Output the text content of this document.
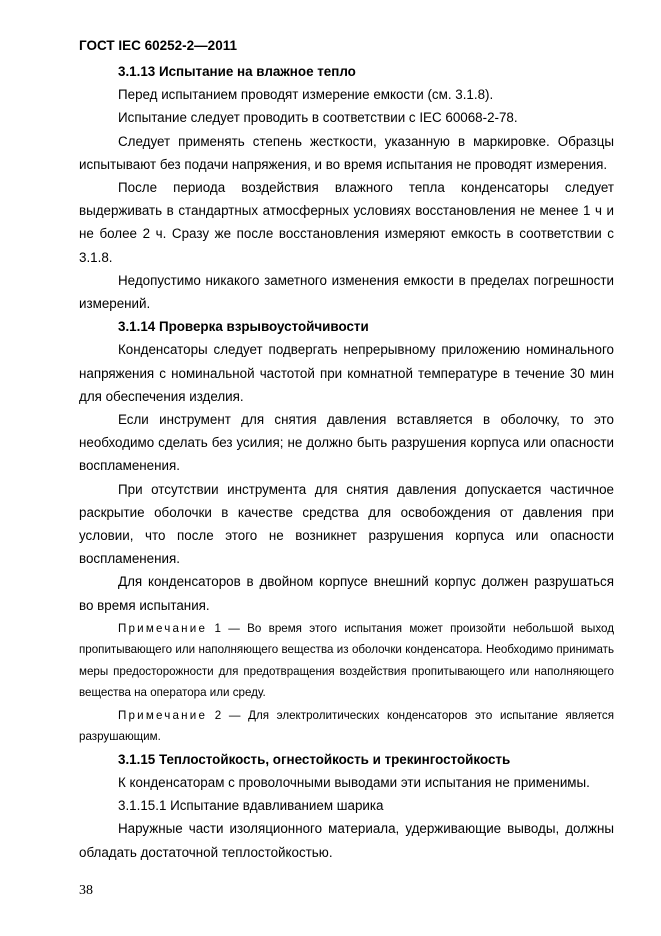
ГОСТ IEC 60252-2—2011

3.1.13 Испытание на влажное тепло

Перед испытанием проводят измерение емкости (см. 3.1.8).

Испытание следует проводить в соответствии с IEC 60068-2-78.

Следует применять степень жесткости, указанную в маркировке. Образцы испытывают без подачи напряжения, и во время испытания не проводят измерения.

После периода воздействия влажного тепла конденсаторы следует выдерживать в стандартных атмосферных условиях восстановления не менее 1 ч и не более 2 ч. Сразу же после восстановления измеряют емкость в соответствии с 3.1.8.

Недопустимо никакого заметного изменения емкости в пределах погрешности измерений.

3.1.14 Проверка взрывоустойчивости

Конденсаторы следует подвергать непрерывному приложению номинального напряжения с номинальной частотой при комнатной температуре в течение 30 мин для обеспечения изделия.

Если инструмент для снятия давления вставляется в оболочку, то это необходимо сделать без усилия; не должно быть разрушения корпуса или опасности воспламенения.

При отсутствии инструмента для снятия давления допускается частичное раскрытие оболочки в качестве средства для освобождения от давления при условии, что после этого не возникнет разрушения корпуса или опасности воспламенения.

Для конденсаторов в двойном корпусе внешний корпус должен разрушаться во время испытания.

Примечание 1 — Во время этого испытания может произойти небольшой выход пропитывающего или наполняющего вещества из оболочки конденсатора. Необходимо принимать меры предосторожности для предотвращения воздействия пропитывающего или наполняющего вещества на оператора или среду.

Примечание 2 — Для электролитических конденсаторов это испытание является разрушающим.

3.1.15 Теплостойкость, огнестойкость и трекингостойкость

К конденсаторам с проволочными выводами эти испытания не применимы.

3.1.15.1 Испытание вдавливанием шарика

Наружные части изоляционного материала, удерживающие выводы, должны обладать достаточной теплостойкостью.

38
